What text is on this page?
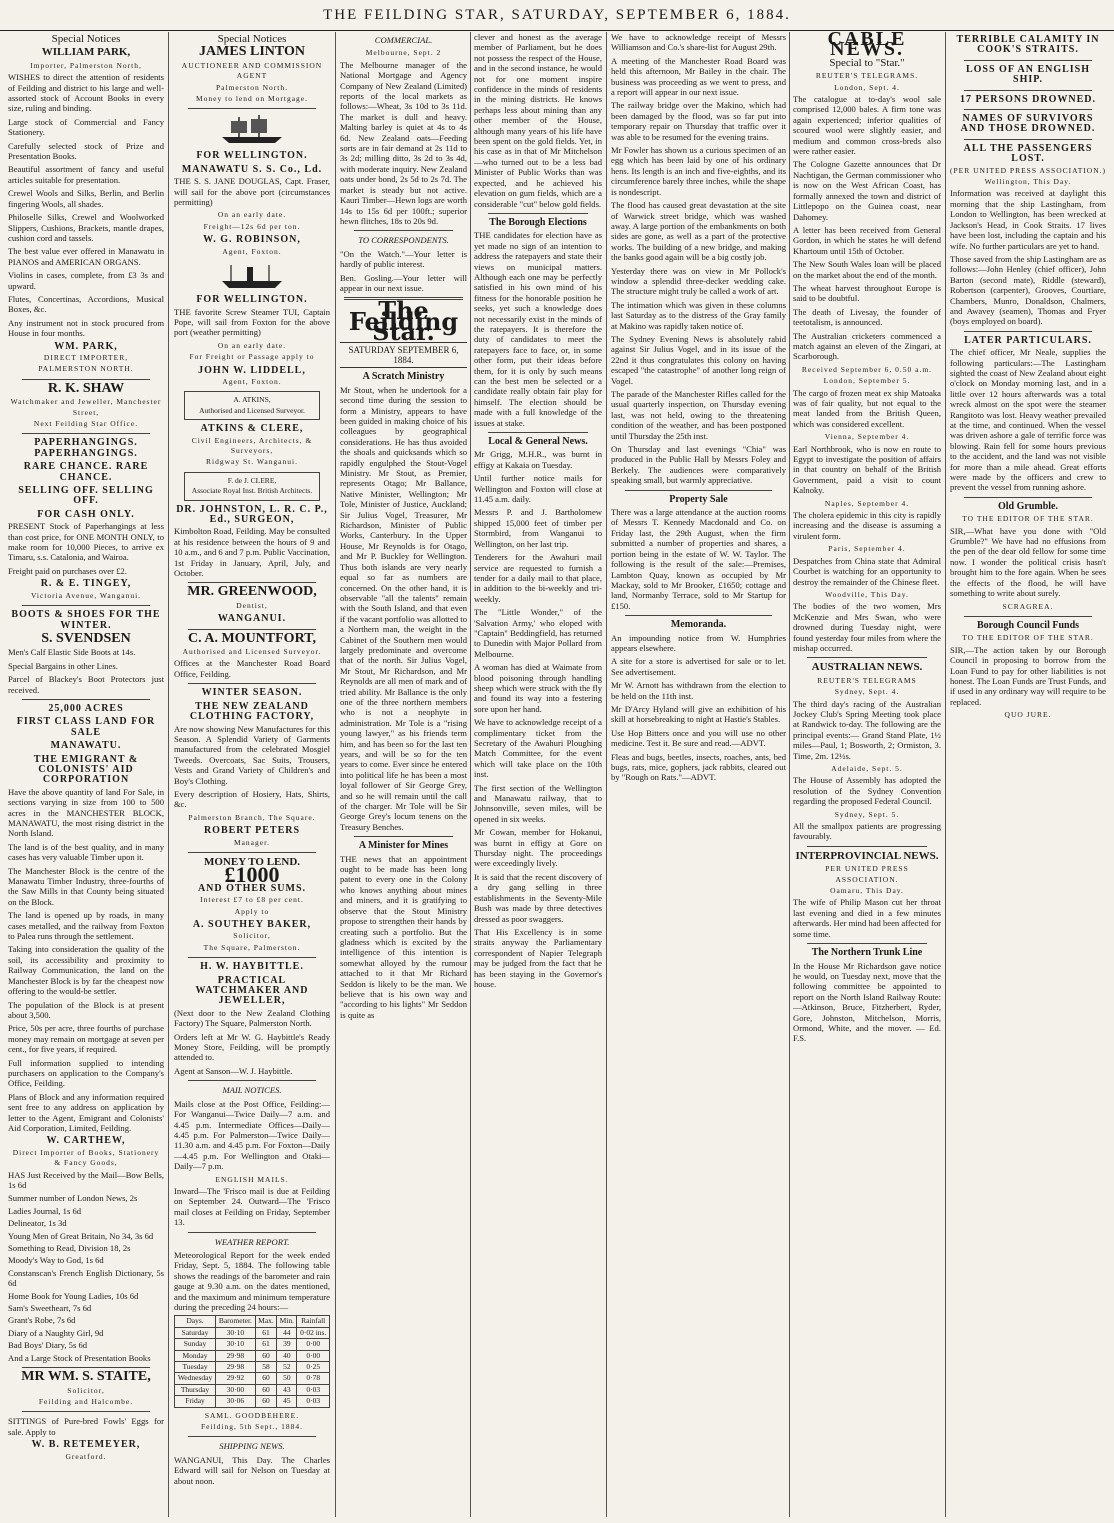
THE FEILDING STAR, SATURDAY, SEPTEMBER 6, 1884.
Special Notices
WILLIAM PARK,
Importer, Palmerston North,

WISHES to direct the attention of residents of Feilding and district to his large and well-assorted stock of Account Books in every size, ruling and binding.

Large stock of Commercial and Fancy Stationery.

Carefully selected stock of Prize and Presentation Books.

Beautiful assortment of fancy and useful articles suitable for presentation.

Crewel Wools and Silks, Berlin, and Berlin fingering Wools, all shades.

Philoselle Silks, Crewel and Woolworked Slippers, Cushions, Brackets, mantle drapes, cushion cord and tassels.

The best value ever offered in Manawatu in PIANOS and AMERICAN ORGANS.

Violins in cases, complete, from £3 3s and upward.

Flutes, Concertinas, Accordions, Musical Boxes, &c.

Any instrument not in stock procured from House in four months.

WM. PARK,
DIRECT IMPORTER,
PALMERSTON NORTH.
R. K. SHAW
Watchmaker and Jeweller, Manchester Street,
Next Feilding Star Office.
PAPERHANGINGS. PAPERHANGINGS.
RARE CHANCE. RARE CHANCE.
SELLING OFF. SELLING OFF.
FOR CASH ONLY.

PRESENT Stock of Paperhangings at less than cost price, for ONE MONTH ONLY, to make room for 10,000 Pieces, to arrive ex Timaru, s.s. Catalonia, and Wairoa.

Freight paid on purchases over £2.

R. & E. TINGEY,
Victoria Avenue, Wanganui.
BOOTS & SHOES FOR THE WINTER.
S. SVENDSEN

Men's Calf Elastic Side Boots at 14s.

Special Bargains in other Lines.

Parcel of Blackey's Boot Protectors just received.

25,000 ACRES
FIRST CLASS LAND FOR SALE
MANAWATU.
THE EMIGRANT & COLONISTS' AID CORPORATION

Have the above quantity of land For Sale, in sections varying in size from 100 to 500 acres in the MANCHESTER BLOCK, MANAWATU, the most rising district in the North Island.

The land is of the best quality, and in many cases has very valuable Timber upon it.

The Manchester Block is the centre of the Manawatu Timber Industry, three-fourths of the Saw Mills in that County being situated on the Block.

The land is opened up by roads, in many cases metalled, and the railway from Foxton to Palea runs through the settlement.

Taking into consideration the quality of the soil, its accessibility and proximity to Railway Communication, the land on the Manchester Block is by far the cheapest now offering to the would-be settler.

The population of the Block is at present about 3,500.

Price, 50s per acre, three fourths of purchase money may remain on mortgage at seven per cent., for five years, if required.

Full information supplied to intending purchasers on application to the Company's Office, Feilding.

Plans of Block and any information required sent free to any address on application by letter to the Agent, Emigrant and Colonists' Aid Corporation, Limited, Feilding.

W. CARTHEW,
Direct Importer of Books, Stationery & Fancy Goods,

HAS Just Received by the Mail—Bow Bells, 1s 6d

Summer number of London News, 2s
Ladies Journal, 1s 6d
Delineator, 1s 3d
Young Men of Great Britain, No 34, 3s 6d
Something to Read, Division 18, 2s
Moody's Way to God, 1s 6d
Constanscan's French English Dictionary, 5s 6d
Home Book for Young Ladies, 10s 6d
Sam's Sweetheart, 7s 6d
Grant's Robe, 7s 6d
Diary of a Naughty Girl, 9d
Bad Boys' Diary, 5s 6d
And a Large Stock of Presentation Books
MR WM. S. STAITE,
Solicitor,
Feilding and Halcombe.

SITTINGS of Pure-bred Fowls' Eggs for sale. Apply to

W. B. RETEMEYER,
Greatford.
Special Notices
JAMES LINTON
AUCTIONEER AND COMMISSION AGENT
Palmerston North.
Money to lend on Mortgage.
FOR WELLINGTON.
MANAWATU S. S. Co., Ld.

THE S. S. JANE DOUGLAS, Capt. Fraser, will sail for the above port (circumstances permitting)

On an early date.
Freight—12s 6d per ton.
W. G. ROBINSON,
Agent, Foxton.
FOR WELLINGTON.

THE favorite Screw Steamer TUI, Captain Pope, will sail from Foxton for the above port (weather permitting)

On an early date.
For Freight or Passage apply to
JOHN W. LIDDELL,
Agent, Foxton.
A. ATKINS,
Authorised and Licensed Surveyor.
ATKINS & CLERE,
Civil Engineers, Architects, & Surveyors,
Ridgway St. Wanganui.
F. de J. CLERE,
Associate Royal Inst. British Architects.
DR. JOHNSTON, L. R. C. P., Ed., SURGEON,

Kimbolton Road, Feilding. May be consulted at his residence between the hours of 9 and 10 a.m., and 6 and 7 p.m. Public Vaccination, 1st Friday in January, April, July, and October.

MR. GREENWOOD,
Dentist,
WANGANUI.
C. A. MOUNTFORT,
Authorised and Licensed Surveyor.

Offices at the Manchester Road Board Office, Feilding.

WINTER SEASON.
THE NEW ZEALAND CLOTHING FACTORY,

Are now showing New Manufactures for this Season. A Splendid Variety of Garments manufactured from the celebrated Mosgiel Tweeds. Overcoats, Sac Suits, Trousers, Vests and Grand Variety of Children's and Boy's Clothing.

Every description of Hosiery, Hats, Shirts, &c.

Palmerston Branch, The Square.
ROBERT PETERS
Manager.
MONEY TO LEND.
£1000
AND OTHER SUMS.
Interest £7 to £8 per cent.
Apply to
A. SOUTHEY BAKER,
Solicitor,
The Square, Palmerston.
H. W. HAYBITTLE.
PRACTICAL WATCHMAKER AND JEWELLER,

(Next door to the New Zealand Clothing Factory) The Square, Palmerston North.

Orders left at Mr W. G. Haybittle's Ready Money Store, Feilding, will be promptly attended to.

Agent at Sanson—W. J. Haybittle.

MAIL NOTICES.

Mails close at the Post Office, Feilding:—For Wanganui—Twice Daily—7 a.m. and 4.45 p.m. Intermediate Offices—Daily—4.45 p.m. For Palmerston—Twice Daily—11.30 a.m. and 4.45 p.m. For Foxton—Daily—4.45 p.m. For Wellington and Otaki—Daily—7 p.m.

ENGLISH MAILS.

Inward—The 'Frisco mail is due at Feilding on September 24. Outward—The 'Frisco mail closes at Feilding on Friday, September 13.

WEATHER REPORT.

Meteorological Report for the week ended Friday, Sept. 5, 1884. The following table shows the readings of the barometer and rain gauge at 9.30 a.m. on the dates mentioned, and the maximum and minimum temperature during the preceding 24 hours:—

Days.	Barometer.	Max.	Min.	Rainfall
Saturday	30·10	61	44	0·02 ins.
Sunday	30·10	61	39	0·00
Monday	29·98	60	40	0·00
Tuesday	29·98	58	52	0·25
Wednesday	29·92	60	50	0·78
Thursday	30·00	60	43	0·03
Friday	30·06	60	45	0·03
SAML. GOODBEHERE.
Feilding, 5th Sept., 1884.
SHIPPING NEWS.

WANGANUI, This Day. The Charles Edward will sail for Nelson on Tuesday at about noon.

COMMERCIAL.
Melbourne, Sept. 2

The Melbourne manager of the National Mortgage and Agency Company of New Zealand (Limited) reports of the local markets as follows:—Wheat, 3s 10d to 3s 11d. The market is dull and heavy. Malting barley is quiet at 4s to 4s 6d. New Zealand oats—Feeding sorts are in fair demand at 2s 11d to 3s 2d; milling ditto, 3s 2d to 3s 4d, with moderate inquiry. New Zealand oats under bond, 2s 5d to 2s 7d. The market is steady but not active. Kauri Timber—Hewn logs are worth 14s to 15s 6d per 100ft.; superior hewn flitches, 18s to 20s 9d.

TO CORRESPONDENTS.

"On the Watch."—Your letter is hardly of public interest.

Ben. Gosling.—Your letter will appear in our next issue.

The Feilding Star.
SATURDAY SEPTEMBER 6, 1884.
A Scratch Ministry

Mr Stout, when he undertook for a second time during the session to form a Ministry, appears to have been guided in making choice of his colleagues by geographical considerations. He has thus avoided the shoals and quicksands which so rapidly engulphed the Stout-Vogel Ministry. Mr Stout, as Premier, represents Otago; Mr Ballance, Native Minister, Wellington; Mr Tole, Minister of Justice, Auckland; Sir Julius Vogel, Treasurer, Mr Richardson, Minister of Public Works, Canterbury. In the Upper House, Mr Reynolds is for Otago, and Mr P. Buckley for Wellington. Thus both islands are very nearly equal so far as numbers are concerned. On the other hand, it is observable "all the talents" remain with the South Island, and that even if the vacant portfolio was allotted to a Northern man, the weight in the Cabinet of the Southern men would largely predominate and overcome that of the north. Sir Julius Vogel, Mr Stout, Mr Richardson, and Mr Reynolds are all men of mark and of tried ability. Mr Ballance is the only one of the three northern members who is not a neophyte in administration. Mr Tole is a "rising young lawyer," as his friends term him, and has been so for the last ten years, and will be so for the ten years to come. Ever since he entered into political life he has been a most loyal follower of Sir George Grey, and so he will remain until the call of the charger. Mr Tole will be Sir George Grey's locum tenens on the Treasury Benches.

A Minister for Mines

THE news that an appointment ought to be made has been long patent to every one in the Colony who knows anything about mines and miners, and it is gratifying to observe that the Stout Ministry propose to strengthen their hands by creating such a portfolio. But the gladness which is excited by the intelligence of this intention is somewhat alloyed by the rumour attached to it that Mr Richard Seddon is likely to be the man. We believe that is his own way and "according to his lights" Mr Seddon is quite as

clever and honest as the average member of Parliament, but he does not possess the respect of the House, and in the second instance, he would not for one moment inspire confidence in the minds of residents in the mining districts. He knows perhaps less about mining than any other member of the House, although many years of his life have been spent on the gold fields. Yet, in his case as in that of Mr Mitchelson—who turned out to be a less bad Minister of Public Works than was expected, and he achieved his elevation on gum fields, which are a considerable "cut" below gold fields.

The Borough Elections

THE candidates for election have as yet made no sign of an intention to address the ratepayers and state their views on municipal matters. Although each one may be perfectly satisfied in his own mind of his fitness for the honorable position he seeks, yet such a knowledge does not necessarily exist in the minds of the ratepayers. It is therefore the duty of candidates to meet the ratepayers face to face, or, in some other form, put their ideas before them, for it is only by such means can the best men be selected or a candidate really obtain fair play for himself. The election should be made with a full knowledge of the issues at stake.

Local & General News.

Mr Grigg, M.H.R., was burnt in effigy at Kakaia on Tuesday.

Until further notice mails for Wellington and Foxton will close at 11.45 a.m. daily.

Messrs P. and J. Bartholomew shipped 15,000 feet of timber per Stormbird, from Wanganui to Wellington, on her last trip.

Tenderers for the Awahuri mail service are requested to furnish a tender for a daily mail to that place, in addition to the bi-weekly and tri-weekly.

The "Little Wonder," of the 'Salvation Army,' who eloped with "Captain" Beddingfield, has returned to Dunedin with Major Pollard from Melbourne.

A woman has died at Waimate from blood poisoning through handling sheep which were struck with the fly and found its way into a festering sore upon her hand.

We have to acknowledge receipt of a complimentary ticket from the Secretary of the Awahuri Ploughing Match Committee, for the event which will take place on the 10th inst.

The first section of the Wellington and Manawatu railway, that to Johnsonville, seven miles, will be opened in six weeks.

Mr Cowan, member for Hokanui, was burnt in effigy at Gore on Thursday night. The proceedings were exceedingly lively.

It is said that the recent discovery of a dry gang selling in three establishments in the Seventy-Mile Bush was made by three detectives dressed as poor swaggers.

That His Excellency is in some straits anyway the Parliamentary correspondent of Napier Telegraph may be judged from the fact that he has been staying in the Governor's house.

We have to acknowledge receipt of Messrs Williamson and Co.'s share-list for August 29th.

A meeting of the Manchester Road Board was held this afternoon, Mr Bailey in the chair. The business was proceeding as we went to press, and a report will appear in our next issue.

The railway bridge over the Makino, which had been damaged by the flood, was so far put into temporary repair on Thursday that traffic over it was able to be resumed for the evening trains.

Mr Fowler has shown us a curious specimen of an egg which has been laid by one of his ordinary hens. Its length is an inch and five-eighths, and its circumference barely three inches, while the shape is nondescript.

The flood has caused great devastation at the site of Warwick street bridge, which was washed away. A large portion of the embankments on both sides are gone, as well as a part of the protective works. The building of a new bridge, and making the banks good again will be a big costly job.

Yesterday there was on view in Mr Pollock's window a splendid three-decker wedding cake. The structure might truly be called a work of art.

The intimation which was given in these columns last Saturday as to the distress of the Gray family at Makino was rapidly taken notice of.

The Sydney Evening News is absolutely rabid against Sir Julius Vogel, and in its issue of the 22nd it thus congratulates this colony on having escaped "the catastrophe" of another long reign of Vogel.

The parade of the Manchester Rifles called for the usual quarterly inspection, on Thursday evening last, was not held, owing to the threatening condition of the weather, and has been postponed until Thursday the 25th inst.

On Thursday and last evenings "Chia" was produced in the Public Hall by Messrs Foley and Berkely. The audiences were comparatively speaking small, but warmly appreciative.

Property Sale

There was a large attendance at the auction rooms of Messrs T. Kennedy Macdonald and Co. on Friday last, the 29th August, when the firm submitted a number of properties and shares, a portion being in the estate of W. W. Taylor. The following is the result of the sale:—Premises, Lambton Quay, known as occupied by Mr Mackay, sold to Mr Brooker, £1650; cottage and land, Normanby Terrace, sold to Mr Startup for £150.

Memoranda.

An impounding notice from W. Humphries appears elsewhere.

A site for a store is advertised for sale or to let. See advertisement.

Mr W. Arnott has withdrawn from the election to be held on the 11th inst.

Mr D'Arcy Hyland will give an exhibition of his skill at horsebreaking to night at Hastie's Stables.

Use Hop Bitters once and you will use no other medicine. Test it. Be sure and read.—ADVT.

Fleas and bugs, beetles, insects, roaches, ants, bed bugs, rats, mice, gophers, jack rabbits, cleared out by "Rough on Rats."—ADVT.

CABLE NEWS.
Special to "Star."
REUTER'S TELEGRAMS.
London, Sept. 4.

The catalogue at to-day's wool sale comprised 12,000 bales. A firm tone was again experienced; inferior qualities of scoured wool were slightly easier, and medium and common cross-breds also were rather easier.

The Cologne Gazette announces that Dr Nachtigan, the German commissioner who is now on the West African Coast, has formally annexed the town and district of Littlepopo on the Guinea coast, near Dahomey.

A letter has been received from General Gordon, in which he states he will defend Khartoum until 15th of October.

The New South Wales loan will be placed on the market about the end of the month.

The wheat harvest throughout Europe is said to be doubtful.

The death of Livesay, the founder of teetotalism, is announced.

The Australian cricketers commenced a match against an eleven of the Zingari, at Scarborough.

Received September 6, 0.50 a.m.
London, September 5.

The cargo of frozen meat ex ship Matoaka was of fair quality, but not equal to the meat landed from the British Queen, which was considered excellent.

Vienna, September 4.

Earl Northbrook, who is now en route to Egypt to investigate the position of affairs in that country on behalf of the British Government, paid a visit to count Kalnoky.

Naples, September 4.

The cholera epidemic in this city is rapidly increasing and the disease is assuming a virulent form.

Paris, September 4.

Despatches from China state that Admiral Courbet is watching for an opportunity to destroy the remainder of the Chinese fleet.

Woodville, This Day.

The bodies of the two women, Mrs McKenzie and Mrs Swan, who were drowned during Tuesday night, were found yesterday four miles from where the mishap occurred.

AUSTRALIAN NEWS.
REUTER'S TELEGRAMS
Sydney, Sept. 4.

The third day's racing of the Australian Jockey Club's Spring Meeting took place at Randwick to-day. The following are the principal events:— Grand Stand Plate, 1½ miles—Paul, 1; Bosworth, 2; Ormiston, 3. Time, 2m. 12½s.

Adelaide, Sept. 5.

The House of Assembly has adopted the resolution of the Sydney Convention regarding the proposed Federal Council.

Sydney, Sept. 5.

All the smallpox patients are progressing favourably.

INTERPROVINCIAL NEWS.
PER UNITED PRESS ASSOCIATION.
Oamaru, This Day.

The wife of Philip Mason cut her throat last evening and died in a few minutes afterwards. Her mind had been affected for some time.

The Northern Trunk Line

In the House Mr Richardson gave notice he would, on Tuesday next, move that the following committee be appointed to report on the North Island Railway Route:—Atkinson, Bruce, Fitzherbert, Ryder, Gore, Johnston, Mitchelson, Morris, Ormond, White, and the mover. — Ed. F.S.

TERRIBLE CALAMITY IN COOK'S STRAITS.
LOSS OF AN ENGLISH SHIP.
17 PERSONS DROWNED.
NAMES OF SURVIVORS AND THOSE DROWNED.
ALL THE PASSENGERS LOST.
(PER UNITED PRESS ASSOCIATION.)
Wellington, This Day.

Information was received at daylight this morning that the ship Lastingham, from London to Wellington, has been wrecked at Jackson's Head, in Cook Straits. 17 lives have been lost, including the captain and his wife. No further particulars are yet to hand.

Those saved from the ship Lastingham are as follows:—John Henley (chief officer), John Barton (second mate), Riddle (steward), Robertson (carpenter), Grooves, Courtiare, Chambers, Munro, Donaldson, Chalmers, and Awavey (seamen), Thomas and Fryer (boys employed on board).

LATER PARTICULARS.

The chief officer, Mr Neale, supplies the following particulars:—The Lastingham sighted the coast of New Zealand about eight o'clock on Monday morning last, and in a little over 12 hours afterwards was a total wreck almost on the spot were the steamer Rangitoto was lost. Heavy weather prevailed at the time, and continued. When the vessel was driven ashore a gale of terrific force was blowing. Rain fell for some hours previous to the accident, and the land was not visible for more than a mile ahead. Great efforts were made by the officers and crew to prevent the vessel from running ashore.

Old Grumble.
TO THE EDITOR OF THE STAR.

SIR,—What have you done with "Old Grumble?" We have had no effusions from the pen of the dear old fellow for some time now. I wonder the political crisis hasn't brought him to the fore again. When he sees the effects of the flood, he will have something to write about surely.

SCRAGREA.
Borough Council Funds
TO THE EDITOR OF THE STAR.

SIR,—The action taken by our Borough Council in proposing to borrow from the Loan Fund to pay for other liabilities is not honest. The Loan Funds are Trust Funds, and if used in any ordinary way will require to be replaced.

QUO JURE.
